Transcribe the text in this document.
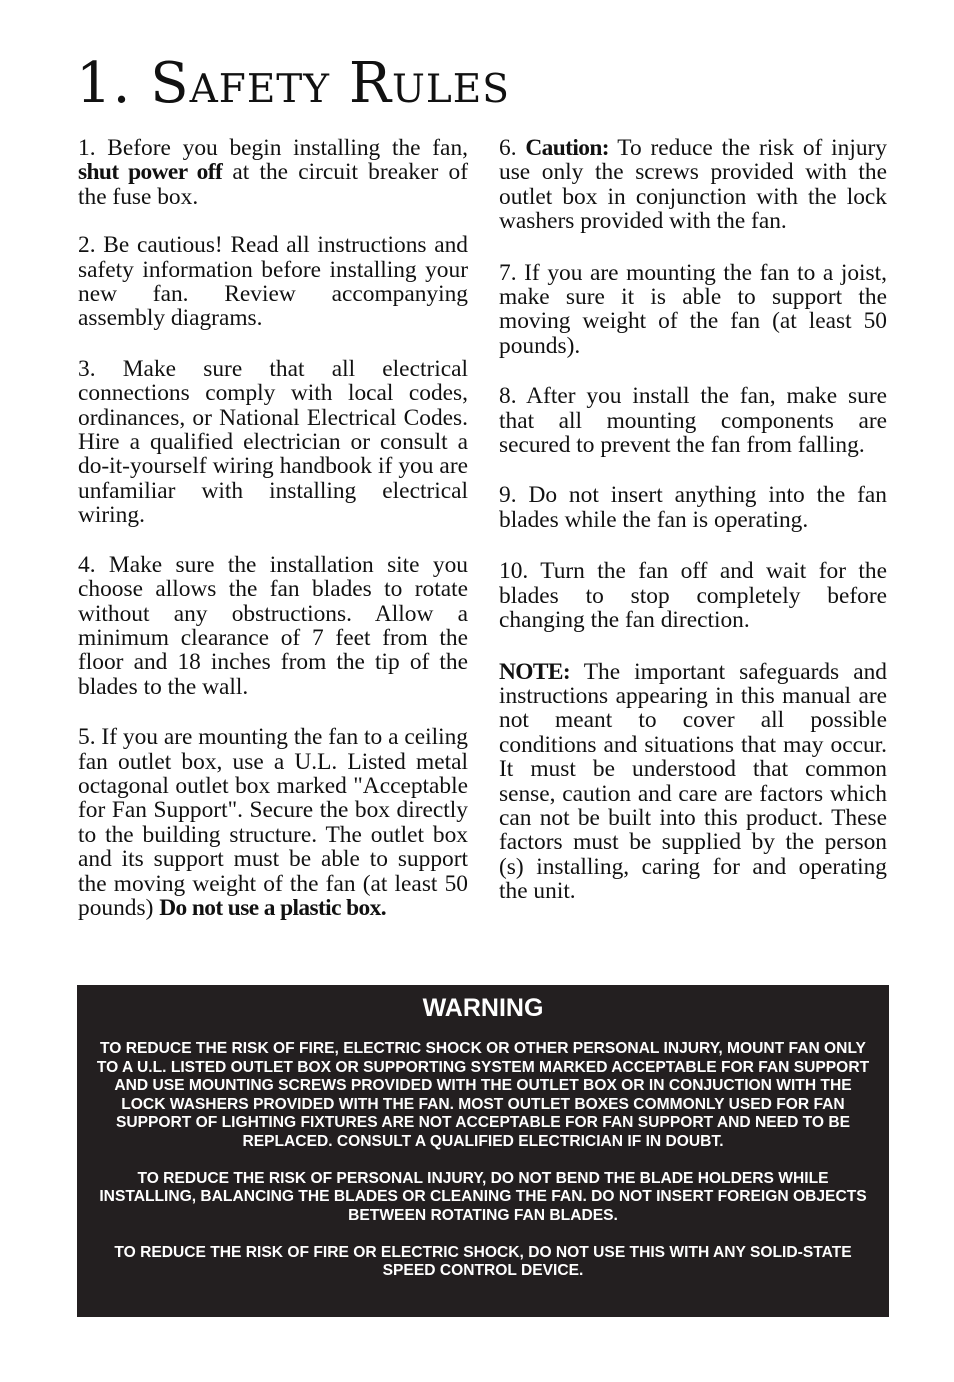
1. Safety Rules

1. Before you begin installing the fan, shut power off at the circuit breaker of the fuse box.

2. Be cautious! Read all instructions and safety information before installing your new fan. Review accompanying assembly diagrams.

3. Make sure that all electrical connections comply with local codes, ordinances, or National Electrical Codes. Hire a qualified electrician or consult a do-it-yourself wiring handbook if you are unfamiliar with installing electrical wiring.

4. Make sure the installation site you choose allows the fan blades to rotate without any obstructions. Allow a minimum clearance of 7 feet from the floor and 18 inches from the tip of the blades to the wall.

5. If you are mounting the fan to a ceiling fan outlet box, use a U.L. Listed metal octagonal outlet box marked "Acceptable for Fan Support". Secure the box directly to the building structure. The outlet box and its support must be able to support the moving weight of the fan (at least 50 pounds) Do not use a plastic box.

6. Caution: To reduce the risk of injury use only the screws provided with the outlet box in conjunction with the lock washers provided with the fan.

7. If you are mounting the fan to a joist, make sure it is able to support the moving weight of the fan (at least 50 pounds).

8. After you install the fan, make sure that all mounting components are secured to prevent the fan from falling.

9. Do not insert anything into the fan blades while the fan is operating.

10. Turn the fan off and wait for the blades to stop completely before changing the fan direction.

NOTE: The important safeguards and instructions appearing in this manual are not meant to cover all possible conditions and situations that may occur. It must be understood that common sense, caution and care are factors which can not be built into this product. These factors must be supplied by the person (s) installing, caring for and operating the unit.

WARNING

TO REDUCE THE RISK OF FIRE, ELECTRIC SHOCK OR OTHER PERSONAL INJURY, MOUNT FAN ONLY TO A U.L. LISTED OUTLET BOX OR SUPPORTING SYSTEM MARKED ACCEPTABLE FOR FAN SUPPORT AND USE MOUNTING SCREWS PROVIDED WITH THE OUTLET BOX OR IN CONJUCTION WITH THE LOCK WASHERS PROVIDED WITH THE FAN. MOST OUTLET BOXES COMMONLY USED FOR FAN SUPPORT OF LIGHTING FIXTURES ARE NOT ACCEPTABLE FOR FAN SUPPORT AND NEED TO BE REPLACED. CONSULT A QUALIFIED ELECTRICIAN IF IN DOUBT.

TO REDUCE THE RISK OF PERSONAL INJURY, DO NOT BEND THE BLADE HOLDERS WHILE INSTALLING, BALANCING THE BLADES OR CLEANING THE FAN. DO NOT INSERT FOREIGN OBJECTS BETWEEN ROTATING FAN BLADES.

TO REDUCE THE RISK OF FIRE OR ELECTRIC SHOCK, DO NOT USE THIS WITH ANY SOLID-STATE SPEED CONTROL DEVICE.
